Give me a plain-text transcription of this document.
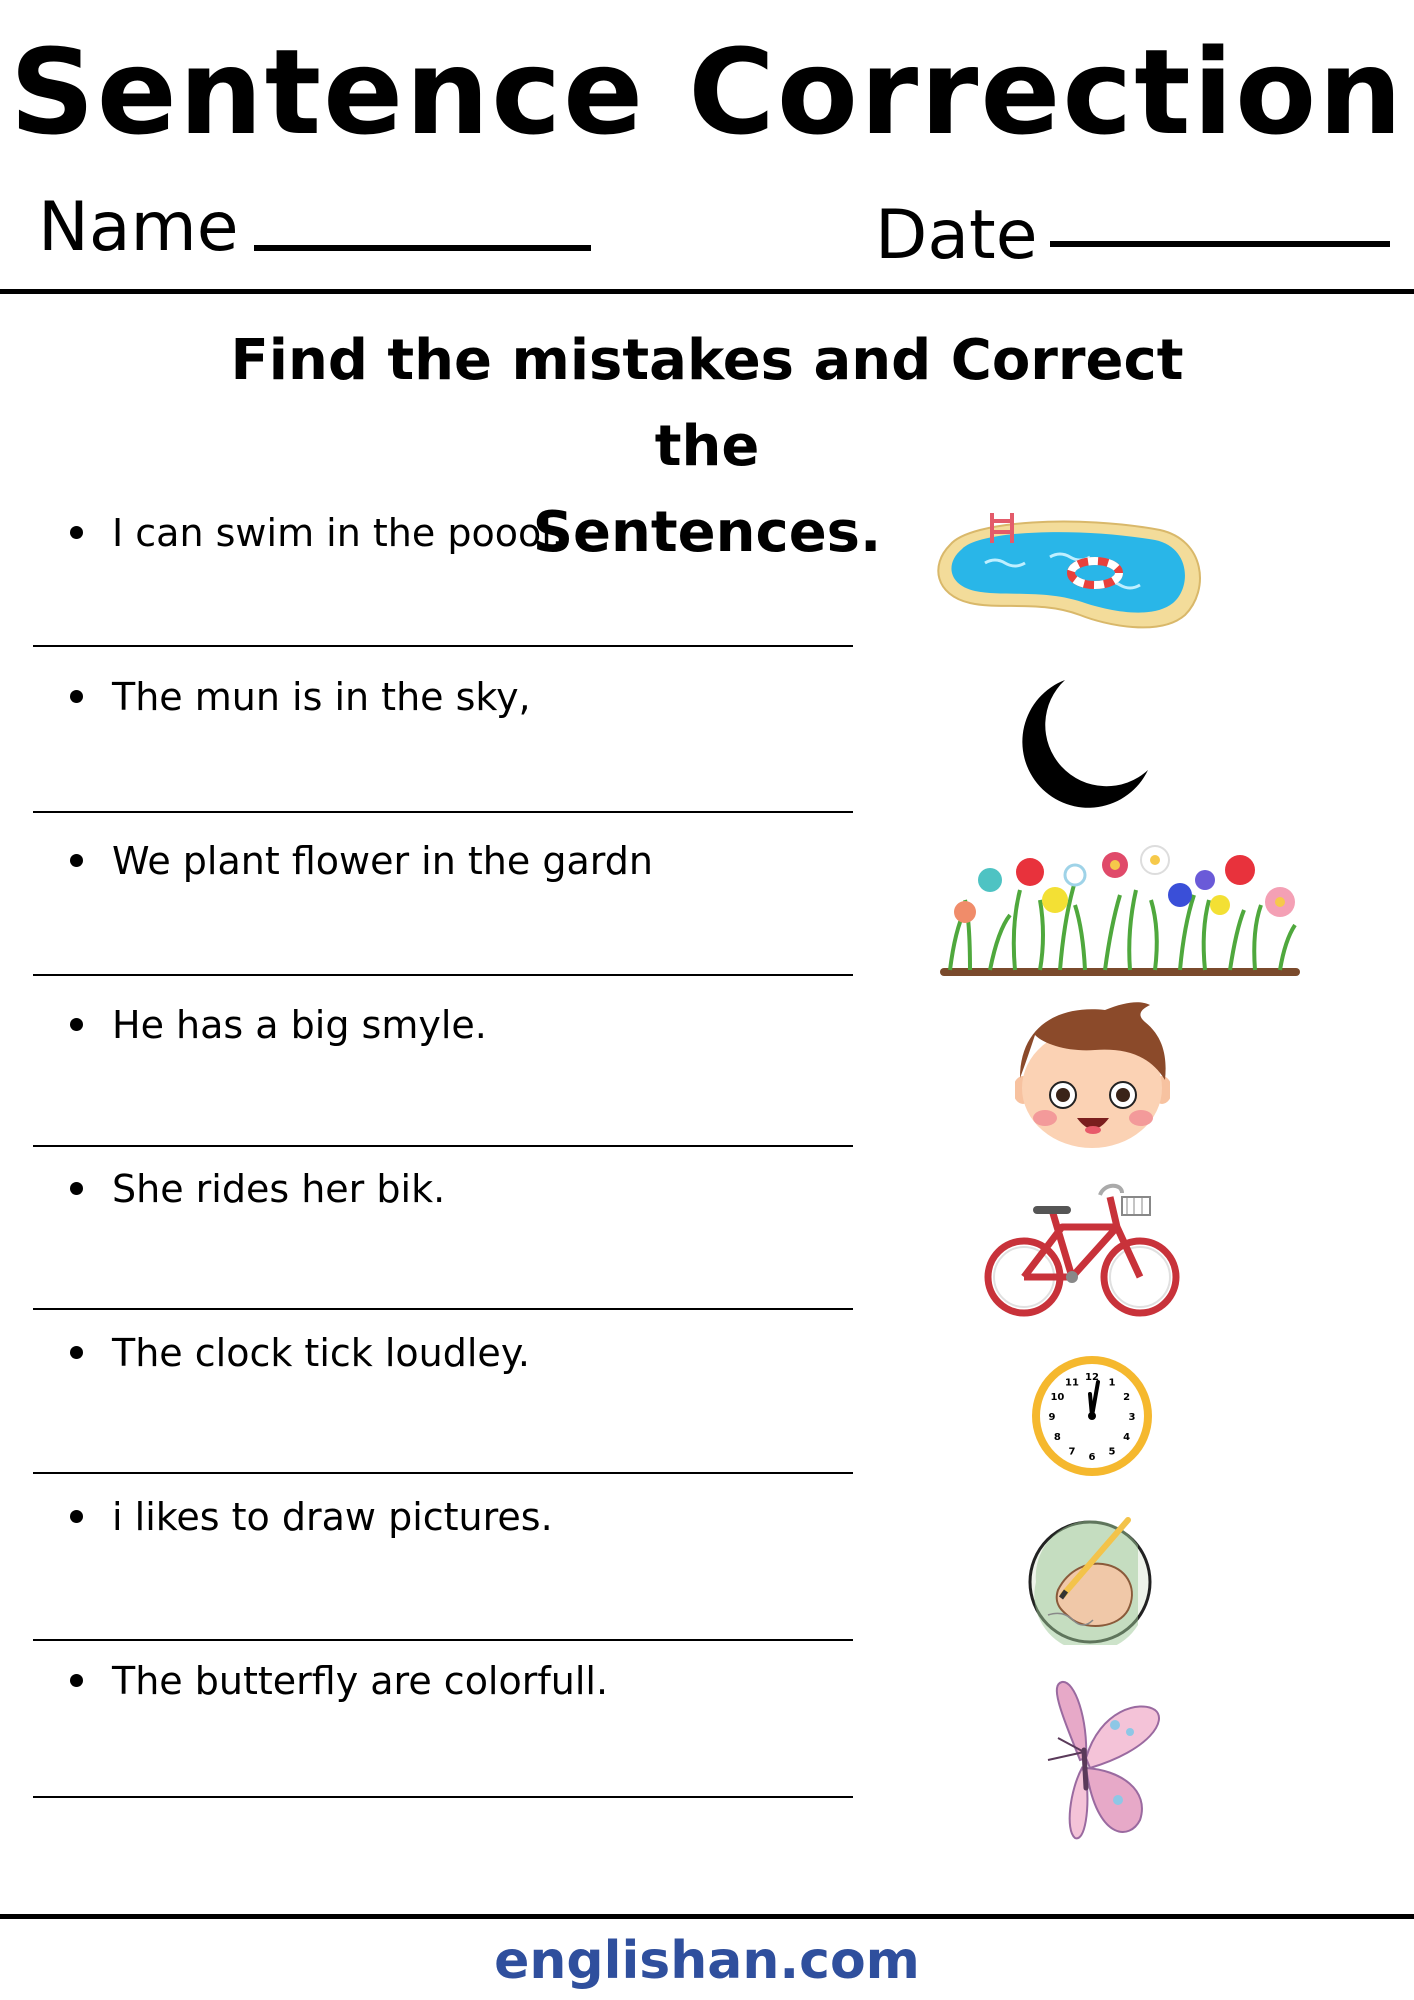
Sentence Correction
Name	Date
Find the mistakes and Correct the
Sentences.
I can swim in the poool.
The mun is in the sky,
We plant flower in the gardn
He has a big smyle.
She rides her bik.
The clock tick loudley.
i likes to draw pictures.
The butterfly are colorfull.
12 1
2
3
4
5
6
7
8
9
10
11
englishan.com
